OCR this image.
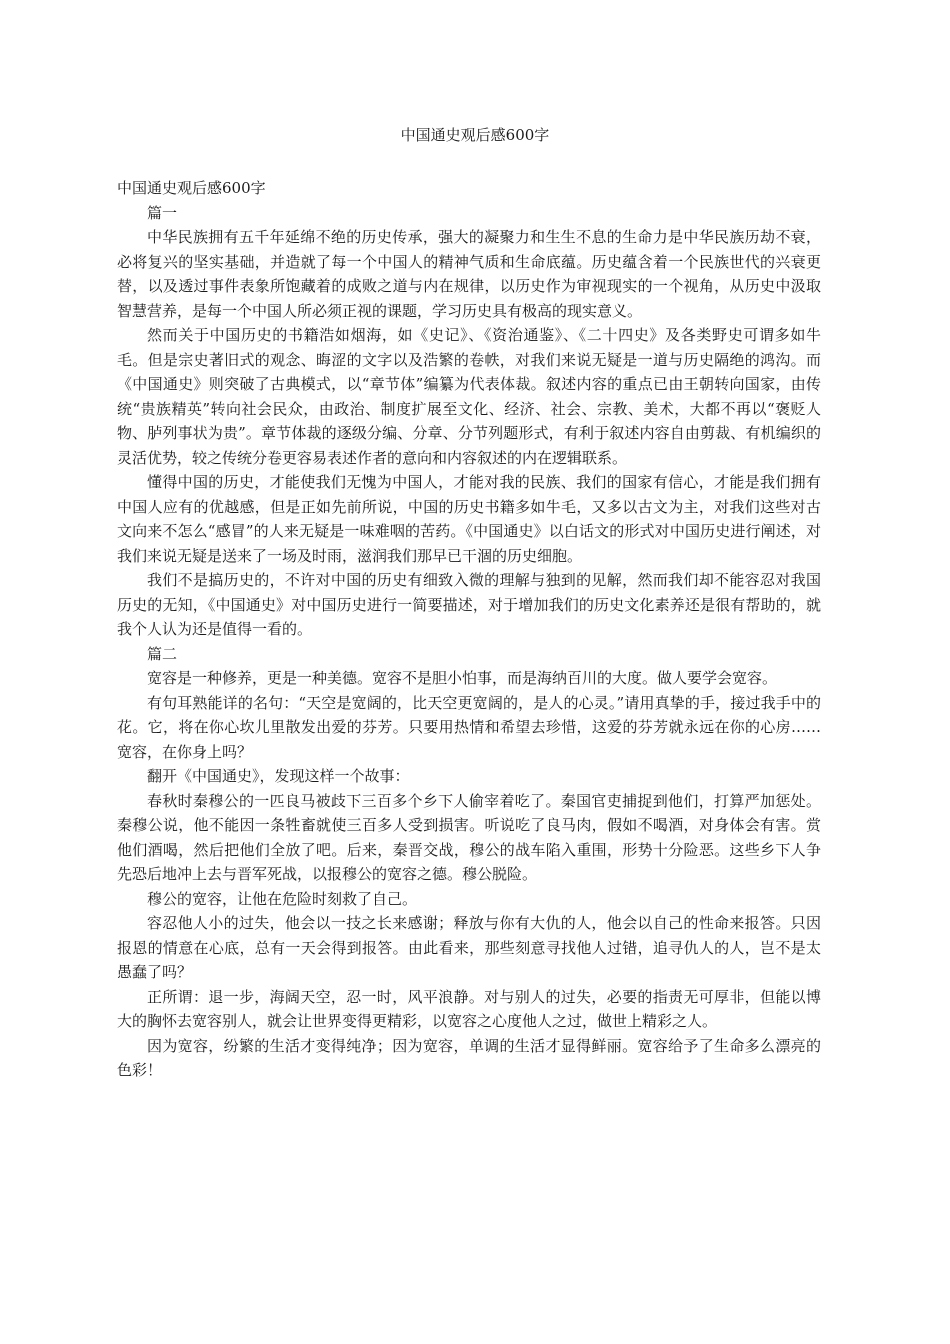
中国通史观后感600字

中国通史观后感600字

篇一

中华民族拥有五千年延绵不绝的历史传承，强大的凝聚力和生生不息的生命力是中华民族历劫不衰，必将复兴的坚实基础，并造就了每一个中国人的精神气质和生命底蕴。历史蕴含着一个民族世代的兴衰更替，以及透过事件表象所饱藏着的成败之道与内在规律，以历史作为审视现实的一个视角，从历史中汲取智慧营养，是每一个中国人所必须正视的课题，学习历史具有极高的现实意义。

然而关于中国历史的书籍浩如烟海，如《史记》、《资治通鉴》、《二十四史》及各类野史可谓多如牛毛。但是宗史著旧式的观念、晦涩的文字以及浩繁的卷帙，对我们来说无疑是一道与历史隔绝的鸿沟。而《中国通史》则突破了古典模式，以“章节体”编纂为代表体裁。叙述内容的重点已由王朝转向国家，由传统“贵族精英”转向社会民众，由政治、制度扩展至文化、经济、社会、宗教、美术，大都不再以“褒贬人物、胪列事状为贵”。章节体裁的逐级分编、分章、分节列题形式，有利于叙述内容自由剪裁、有机编织的灵活优势，较之传统分卷更容易表述作者的意向和内容叙述的内在逻辑联系。

懂得中国的历史，才能使我们无愧为中国人，才能对我的民族、我们的国家有信心，才能是我们拥有中国人应有的优越感，但是正如先前所说，中国的历史书籍多如牛毛，又多以古文为主，对我们这些对古文向来不怎么“感冒”的人来无疑是一味难咽的苦药。《中国通史》以白话文的形式对中国历史进行阐述，对我们来说无疑是送来了一场及时雨，滋润我们那早已干涸的历史细胞。

我们不是搞历史的，不许对中国的历史有细致入微的理解与独到的见解，然而我们却不能容忍对我国历史的无知，《中国通史》对中国历史进行一简要描述，对于增加我们的历史文化素养还是很有帮助的，就我个人认为还是值得一看的。

篇二

宽容是一种修养，更是一种美德。宽容不是胆小怕事，而是海纳百川的大度。做人要学会宽容。

有句耳熟能详的名句：“天空是宽阔的，比天空更宽阔的，是人的心灵。”请用真挚的手，接过我手中的花。它，将在你心坎儿里散发出爱的芬芳。只要用热情和希望去珍惜，这爱的芬芳就永远在你的心房……宽容，在你身上吗？

翻开《中国通史》，发现这样一个故事：

春秋时秦穆公的一匹良马被歧下三百多个乡下人偷宰着吃了。秦国官吏捕捉到他们，打算严加惩处。秦穆公说，他不能因一条牲畜就使三百多人受到损害。听说吃了良马肉，假如不喝酒，对身体会有害。赏他们酒喝，然后把他们全放了吧。后来，秦晋交战，穆公的战车陷入重围，形势十分险恶。这些乡下人争先恐后地冲上去与晋军死战，以报穆公的宽容之德。穆公脱险。

穆公的宽容，让他在危险时刻救了自己。

容忍他人小的过失，他会以一技之长来感谢；释放与你有大仇的人，他会以自己的性命来报答。只因报恩的情意在心底，总有一天会得到报答。由此看来，那些刻意寻找他人过错，追寻仇人的人，岂不是太愚蠢了吗？

正所谓：退一步，海阔天空，忍一时，风平浪静。对与别人的过失，必要的指责无可厚非，但能以博大的胸怀去宽容别人，就会让世界变得更精彩，以宽容之心度他人之过，做世上精彩之人。

因为宽容，纷繁的生活才变得纯净；因为宽容，单调的生活才显得鲜丽。宽容给予了生命多么漂亮的色彩！
